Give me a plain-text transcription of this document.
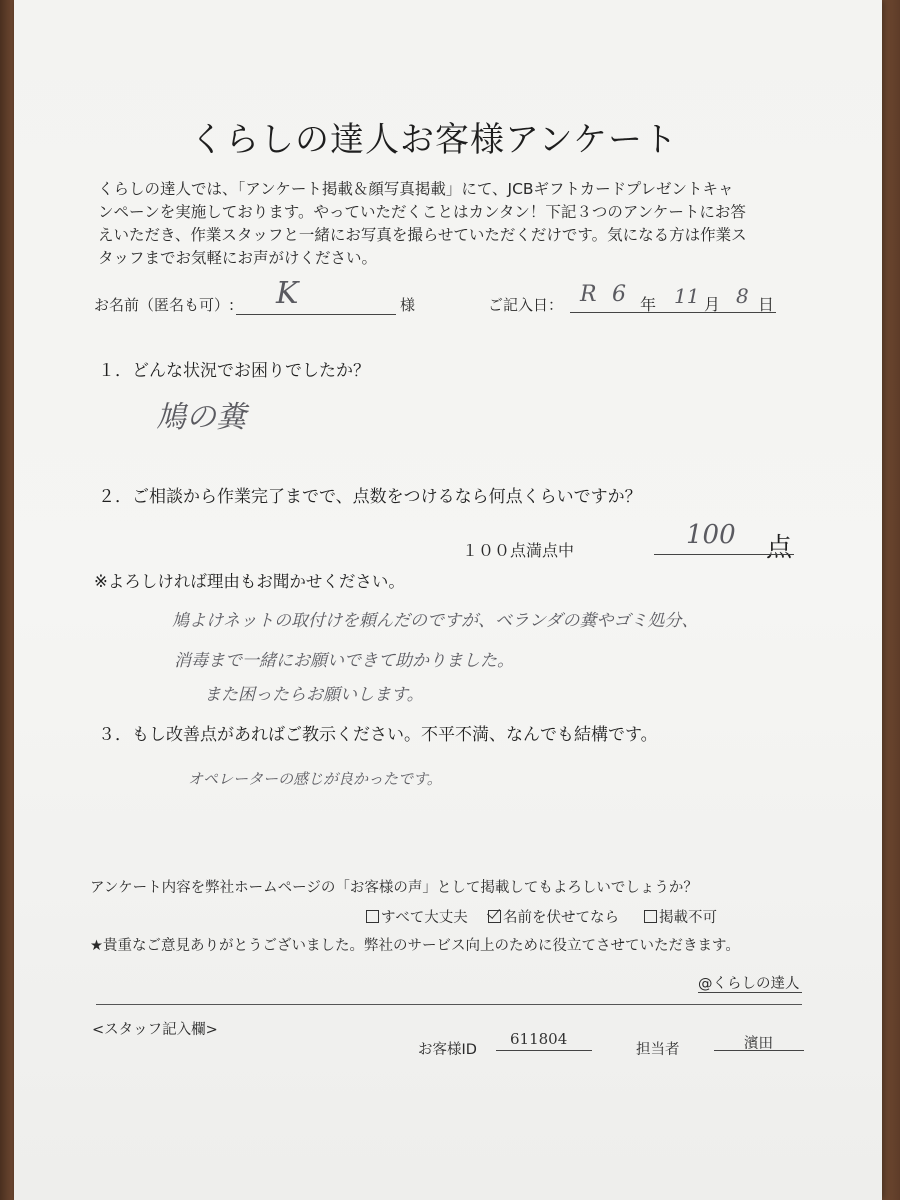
くらしの達人お客様アンケート
くらしの達人では、「アンケート掲載＆顔写真掲載」にて、JCBギフトカードプレゼントキャ
ンペーンを実施しております。やっていただくことはカンタン！下記３つのアンケートにお答
えいただき、作業スタッフと一緒にお写真を撮らせていただくだけです。気になる方は作業ス
タッフまでお気軽にお声がけください。
お名前（匿名も可）: K	様	ご記入日： R 6 年 11 月 8 日
１．どんな状況でお困りでしたか？
鳩の糞
２．ご相談から作業完了までで、点数をつけるなら何点くらいですか？
１００点満点中
100 点
※よろしければ理由もお聞かせください。
鳩よけネットの取付けを頼んだのですが、ベランダの糞やゴミ処分、
消毒まで一緒にお願いできて助かりました。
また困ったらお願いします。
３．もし改善点があればご教示ください。不平不満、なんでも結構です。
オペレーターの感じが良かったです。
アンケート内容を弊社ホームページの「お客様の声」として掲載してもよろしいでしょうか？
すべて大丈夫	名前を伏せてなら	掲載不可
★貴重なご意見ありがとうございました。弊社のサービス向上のために役立てさせていただきます。
@くらしの達人
<スタッフ記入欄>
お客様ID
611804
担当者	濱田
